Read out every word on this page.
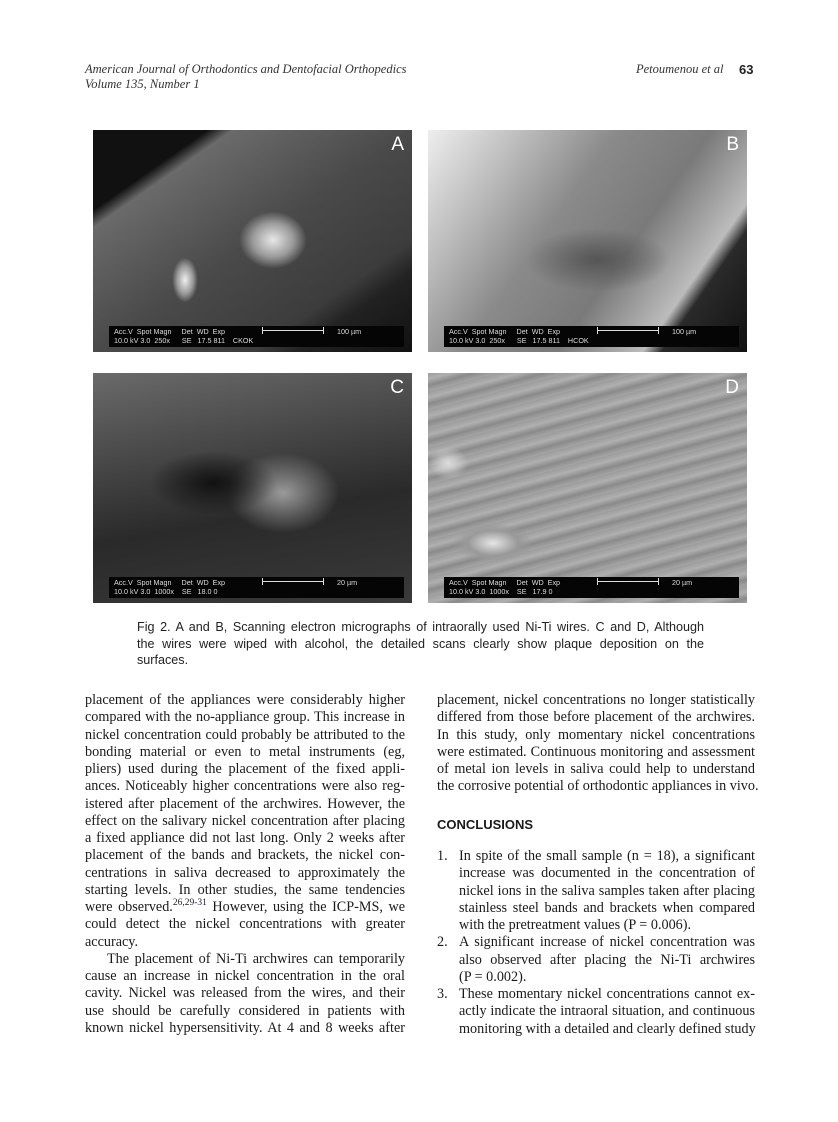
American Journal of Orthodontics and Dentofacial Orthopedics
Volume 135, Number 1
Petoumenou et al 63
A
Acc.V  Spot Magn     Det  WD  Exp
10.0 kV 3.0  250x      SE   17.5 811    CKOK
100 µm
B
Acc.V  Spot Magn     Det  WD  Exp
10.0 kV 3.0  250x      SE   17.5 811    HCOK
100 µm
C
Acc.V  Spot Magn     Det  WD  Exp
10.0 kV 3.0  1000x    SE   18.0 0
20 µm
D
Acc.V  Spot Magn     Det  WD  Exp
10.0 kV 3.0  1000x    SE   17.9 0
20 µm
Fig 2. A and B, Scanning electron micrographs of intraorally used Ni-Ti wires. C and D, Although
the wires were wiped with alcohol, the detailed scans clearly show plaque deposition on the
surfaces.
placement of the appliances were considerably higher
compared with the no-appliance group. This increase in
nickel concentration could probably be attributed to the
bonding material or even to metal instruments (eg,
pliers) used during the placement of the fixed appli-
ances. Noticeably higher concentrations were also reg-
istered after placement of the archwires. However, the
effect on the salivary nickel concentration after placing
a fixed appliance did not last long. Only 2 weeks after
placement of the bands and brackets, the nickel con-
centrations in saliva decreased to approximately the
starting levels. In other studies, the same tendencies
were observed.$^{26,29-31}$ However, using the ICP-MS, we
could detect the nickel concentrations with greater
accuracy.
The placement of Ni-Ti archwires can temporarily
cause an increase in nickel concentration in the oral
cavity. Nickel was released from the wires, and their
use should be carefully considered in patients with
known nickel hypersensitivity. At 4 and 8 weeks after
placement, nickel concentrations no longer statistically
differed from those before placement of the archwires.
In this study, only momentary nickel concentrations
were estimated. Continuous monitoring and assessment
of metal ion levels in saliva could help to understand
the corrosive potential of orthodontic appliances in vivo.
CONCLUSIONS
1. In spite of the small sample (n = 18), a significant
increase was documented in the concentration of
nickel ions in the saliva samples taken after placing
stainless steel bands and brackets when compared
with the pretreatment values (P = 0.006).
2. A significant increase of nickel concentration was
also observed after placing the Ni-Ti archwires
(P = 0.002).
3. These momentary nickel concentrations cannot ex-
actly indicate the intraoral situation, and continuous
monitoring with a detailed and clearly defined study
